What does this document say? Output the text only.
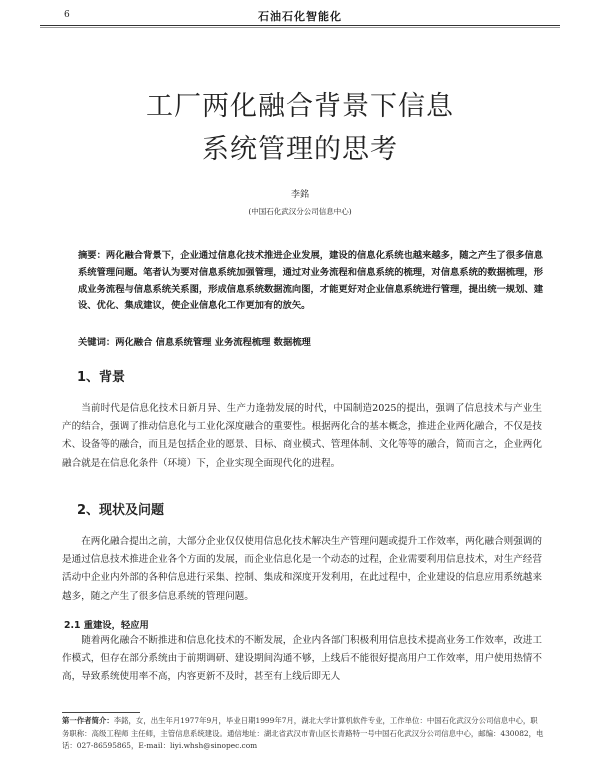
6	石油石化智能化
工厂两化融合背景下信息
系统管理的思考
李銘
(中国石化武汉分公司信息中心)
摘要：两化融合背景下，企业通过信息化技术推进企业发展，建设的信息化系统也越来越多，随之产生了很多信息系统管理问题。笔者认为要对信息系统加强管理，通过对业务流程和信息系统的梳理，对信息系统的数据梳理，形成业务流程与信息系统关系图，形成信息系统数据流向图，才能更好对企业信息系统进行管理，提出统一规划、建设、优化、集成建议，使企业信息化工作更加有的放矢。
关键词：两化融合 信息系统管理 业务流程梳理 数据梳理
1、背景
当前时代是信息化技术日新月异、生产力逢勃发展的时代，中国制造2025的提出，强调了信息技术与产业生产的结合，强调了推动信息化与工业化深度融合的重要性。根据两化合的基本概念，推进企业两化融合，不仅是技术、设备等的融合，而且是包括企业的愿景、目标、商业模式、管理体制、文化等等的融合，简而言之，企业两化融合就是在信息化条件（环境）下，企业实现全面现代化的进程。
2、现状及问题
在两化融合提出之前，大部分企业仅仅使用信息化技术解决生产管理问题或提升工作效率，两化融合则强调的是通过信息技术推进企业各个方面的发展，而企业信息化是一个动态的过程，企业需要利用信息技术，对生产经营活动中企业内外部的各种信息进行采集、控制、集成和深度开发利用，在此过程中，企业建设的信息应用系统越来越多，随之产生了很多信息系统的管理问题。
2.1 重建设，轻应用
随着两化融合不断推进和信息化技术的不断发展，企业内各部门积极利用信息技术提高业务工作效率，改进工作模式，但存在部分系统由于前期调研、建设期间沟通不够，上线后不能很好提高用户工作效率，用户使用热情不高，导致系统使用率不高，内容更新不及时，甚至有上线后即无人
第一作者简介：李銘，女，出生年月1977年9月，毕业日期1999年7月，湖北大学计算机软件专业，工作单位：中国石化武汉分公司信息中心，职务职称：高级工程师 主任师，主管信息系统建设。通信地址：湖北省武汉市青山区长青路特一号中国石化武汉分公司信息中心，邮编：430082，电话：027-86595865，E-mail：liyi.whsh@sinopec.com
